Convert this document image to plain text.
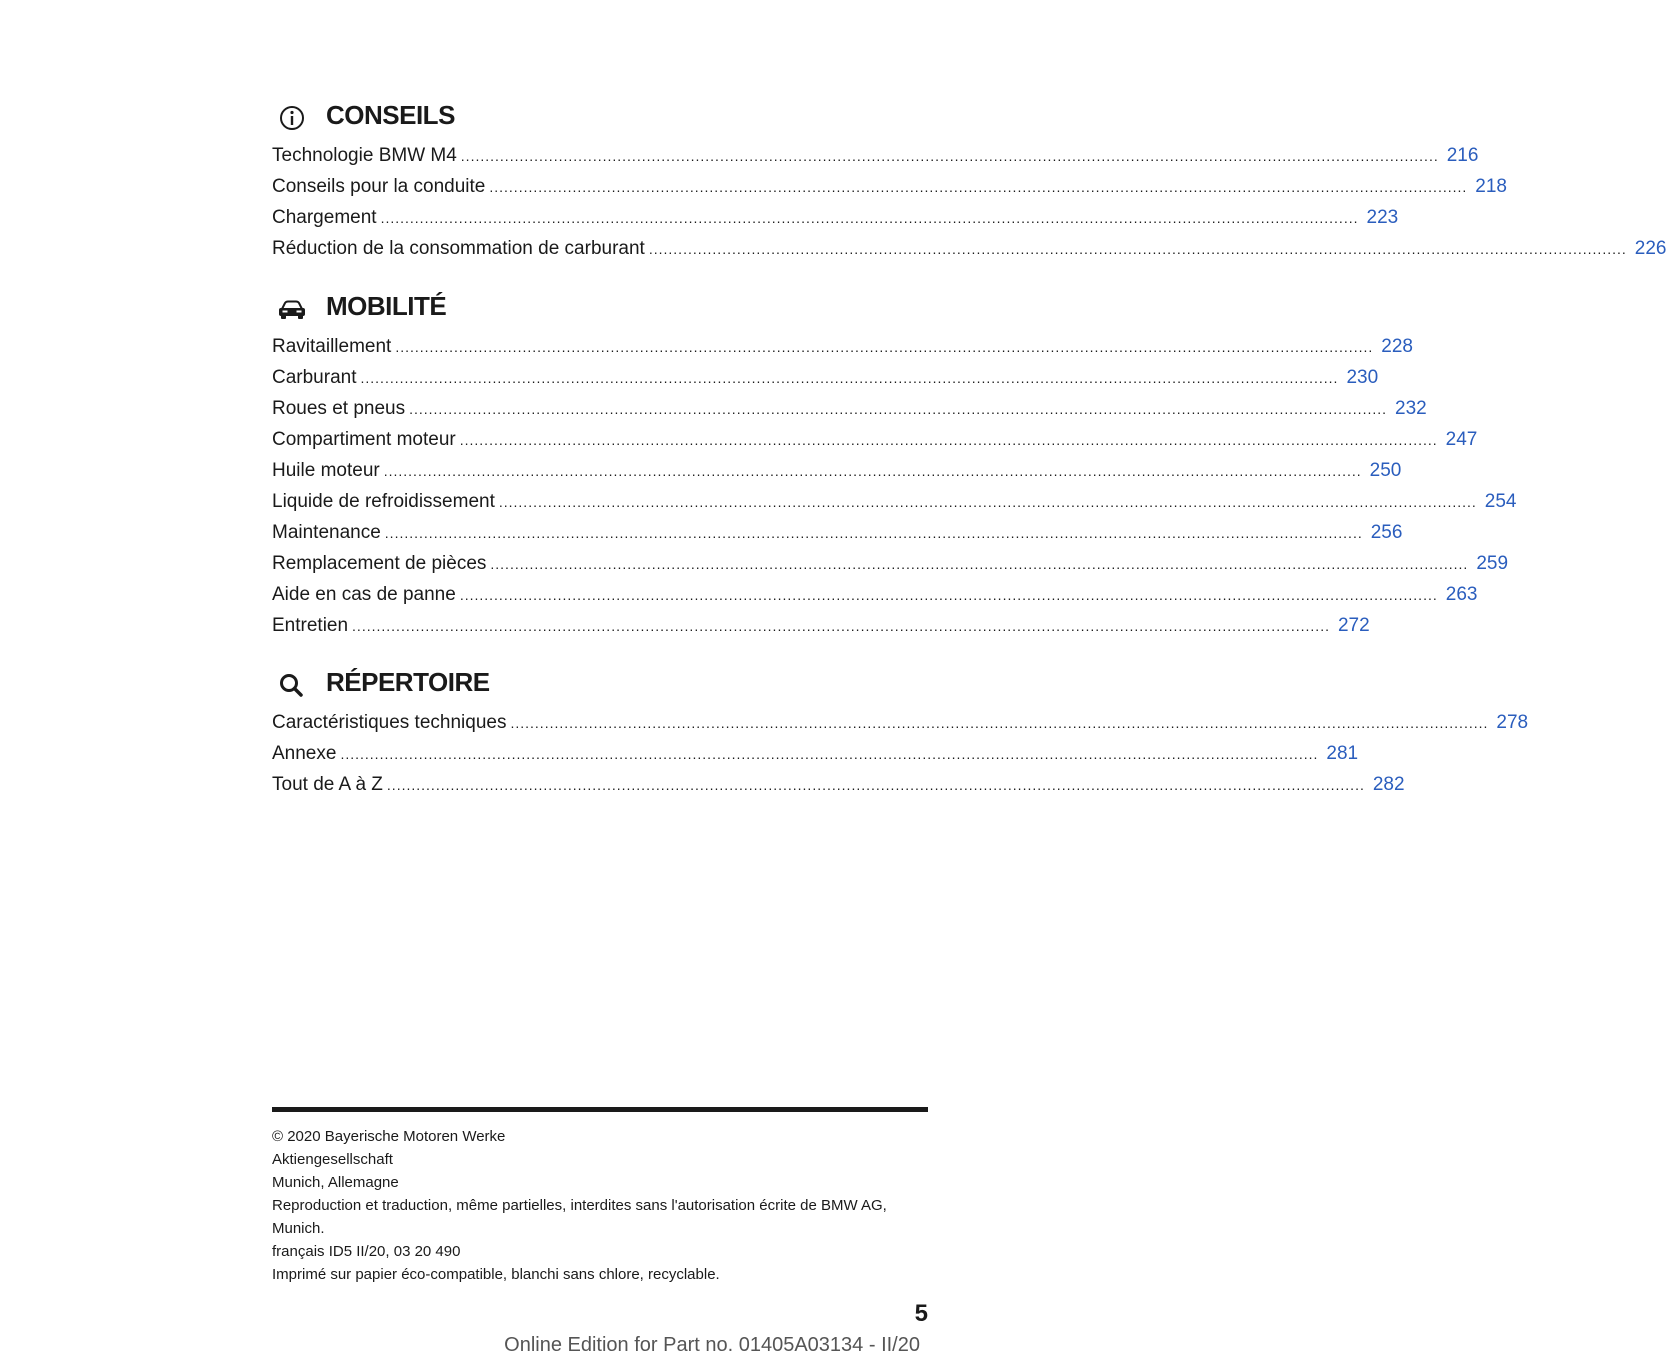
CONSEILS
Technologie BMW M4 ........................................................................................................................................................................................................ 216
Conseils pour la conduite ........................................................................................................................................................................................................ 218
Chargement ........................................................................................................................................................................................................ 223
Réduction de la consommation de carburant ........................................................................................................................................................................................................ 226
MOBILITÉ
Ravitaillement ........................................................................................................................................................................................................ 228
Carburant ........................................................................................................................................................................................................ 230
Roues et pneus ........................................................................................................................................................................................................ 232
Compartiment moteur ........................................................................................................................................................................................................ 247
Huile moteur ........................................................................................................................................................................................................ 250
Liquide de refroidissement ........................................................................................................................................................................................................ 254
Maintenance ........................................................................................................................................................................................................ 256
Remplacement de pièces ........................................................................................................................................................................................................ 259
Aide en cas de panne ........................................................................................................................................................................................................ 263
Entretien ........................................................................................................................................................................................................ 272
RÉPERTOIRE
Caractéristiques techniques ........................................................................................................................................................................................................ 278
Annexe ........................................................................................................................................................................................................ 281
Tout de A à Z ........................................................................................................................................................................................................ 282
© 2020 Bayerische Motoren Werke
Aktiengesellschaft
Munich, Allemagne
Reproduction et traduction, même partielles, interdites sans l'autorisation écrite de BMW AG,
Munich.
français ID5 II/20, 03 20 490
Imprimé sur papier éco-compatible, blanchi sans chlore, recyclable.
5
Online Edition for Part no. 01405A03134 - II/20
